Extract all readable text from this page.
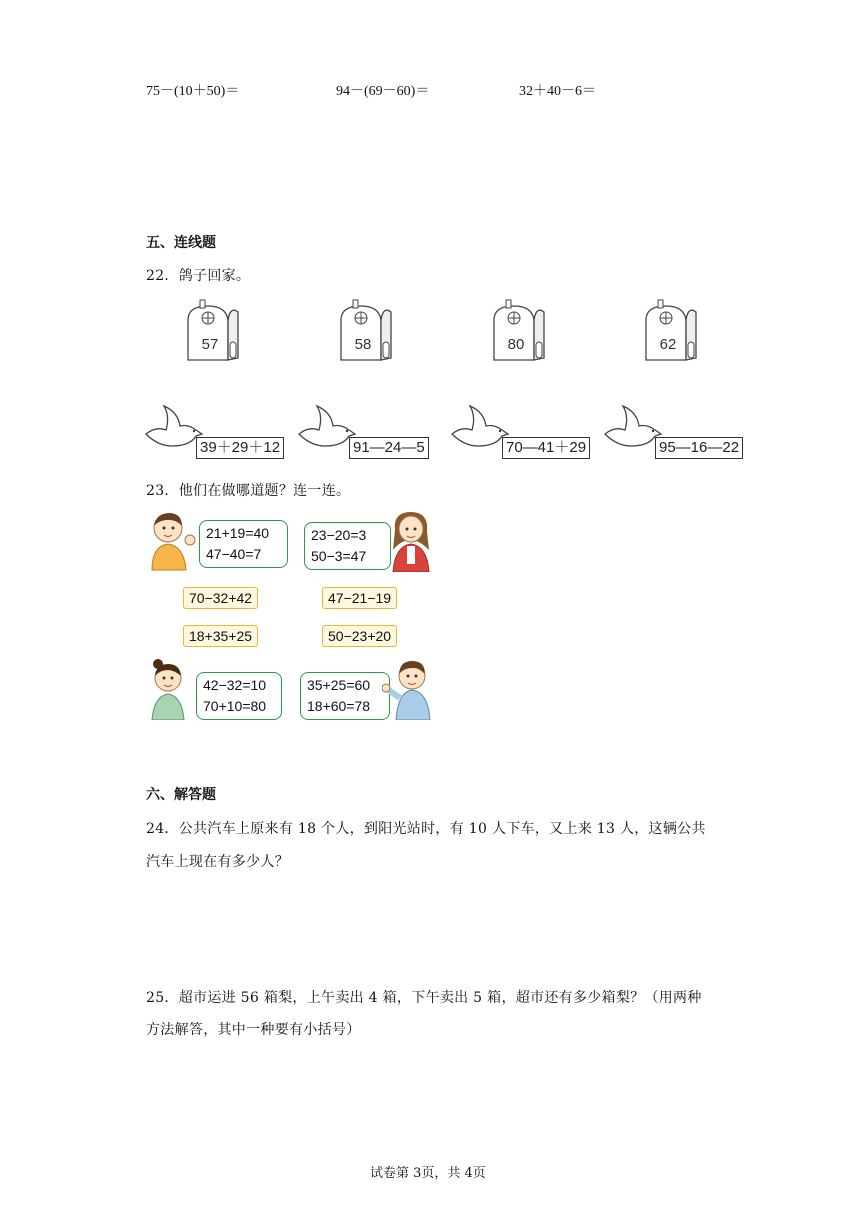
75－(10＋50)＝	94－(69－60)＝	32＋40－6＝
五、连线题
22．鸽子回家。
57	58	80	62
39＋29＋12	91—24—5	70—41＋29	95—16—22
23．他们在做哪道题？连一连。
21+19=40
47−40=7
23−20=3
50−3=47
70−32+42
18+35+25
47−21−19
50−23+20
42−32=10
70+10=80
35+25=60
18+60=78
六、解答题
24．公共汽车上原来有 18 个人，到阳光站时，有 10 人下车，又上来 13 人，这辆公共
汽车上现在有多少人？
25．超市运进 56 箱梨，上午卖出 4 箱，下午卖出 5 箱，超市还有多少箱梨？（用两种
方法解答，其中一种要有小括号）
试卷第 3页，共 4页
